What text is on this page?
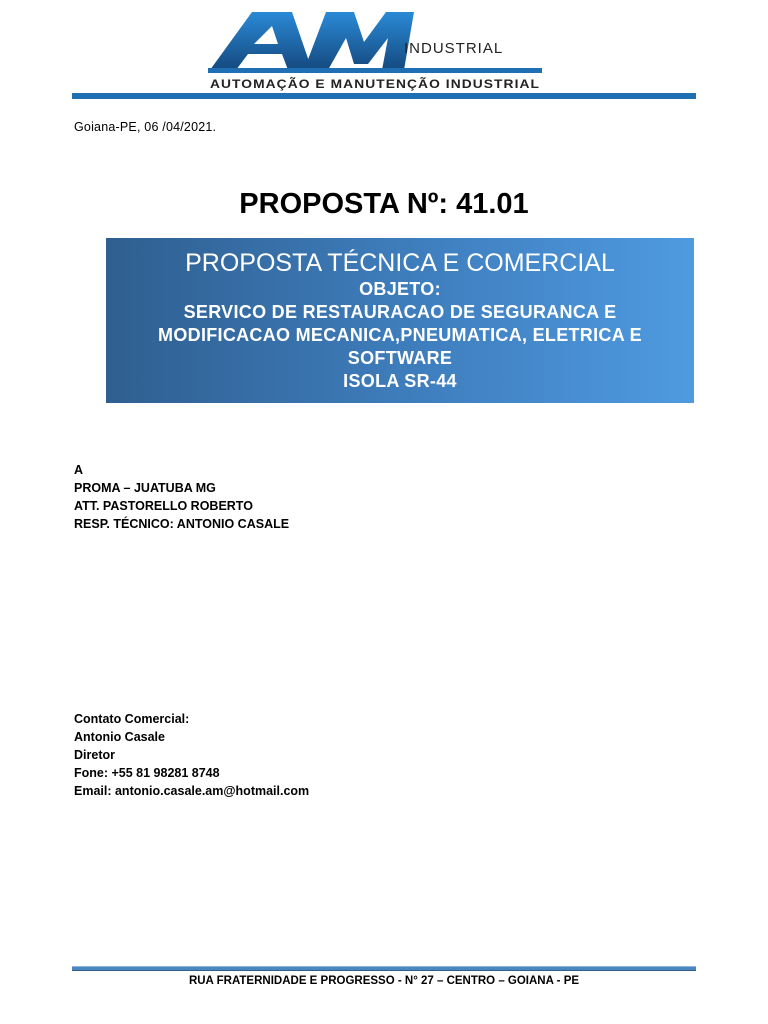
INDUSTRIAL
AUTOMAÇÃO E MANUTENÇÃO INDUSTRIAL
Goiana-PE, 06 /04/2021.
PROPOSTA Nº: 41.01
PROPOSTA TÉCNICA E COMERCIAL
OBJETO:
SERVICO DE RESTAURACAO DE SEGURANCA E
MODIFICACAO MECANICA,PNEUMATICA, ELETRICA E
SOFTWARE
ISOLA SR-44
A
PROMA – JUATUBA MG
ATT. PASTORELLO ROBERTO
RESP. TÉCNICO: ANTONIO CASALE
Contato Comercial:
Antonio Casale
Diretor
Fone: +55 81 98281 8748
Email: antonio.casale.am@hotmail.com
RUA FRATERNIDADE E PROGRESSO - N° 27 – CENTRO – GOIANA - PE
